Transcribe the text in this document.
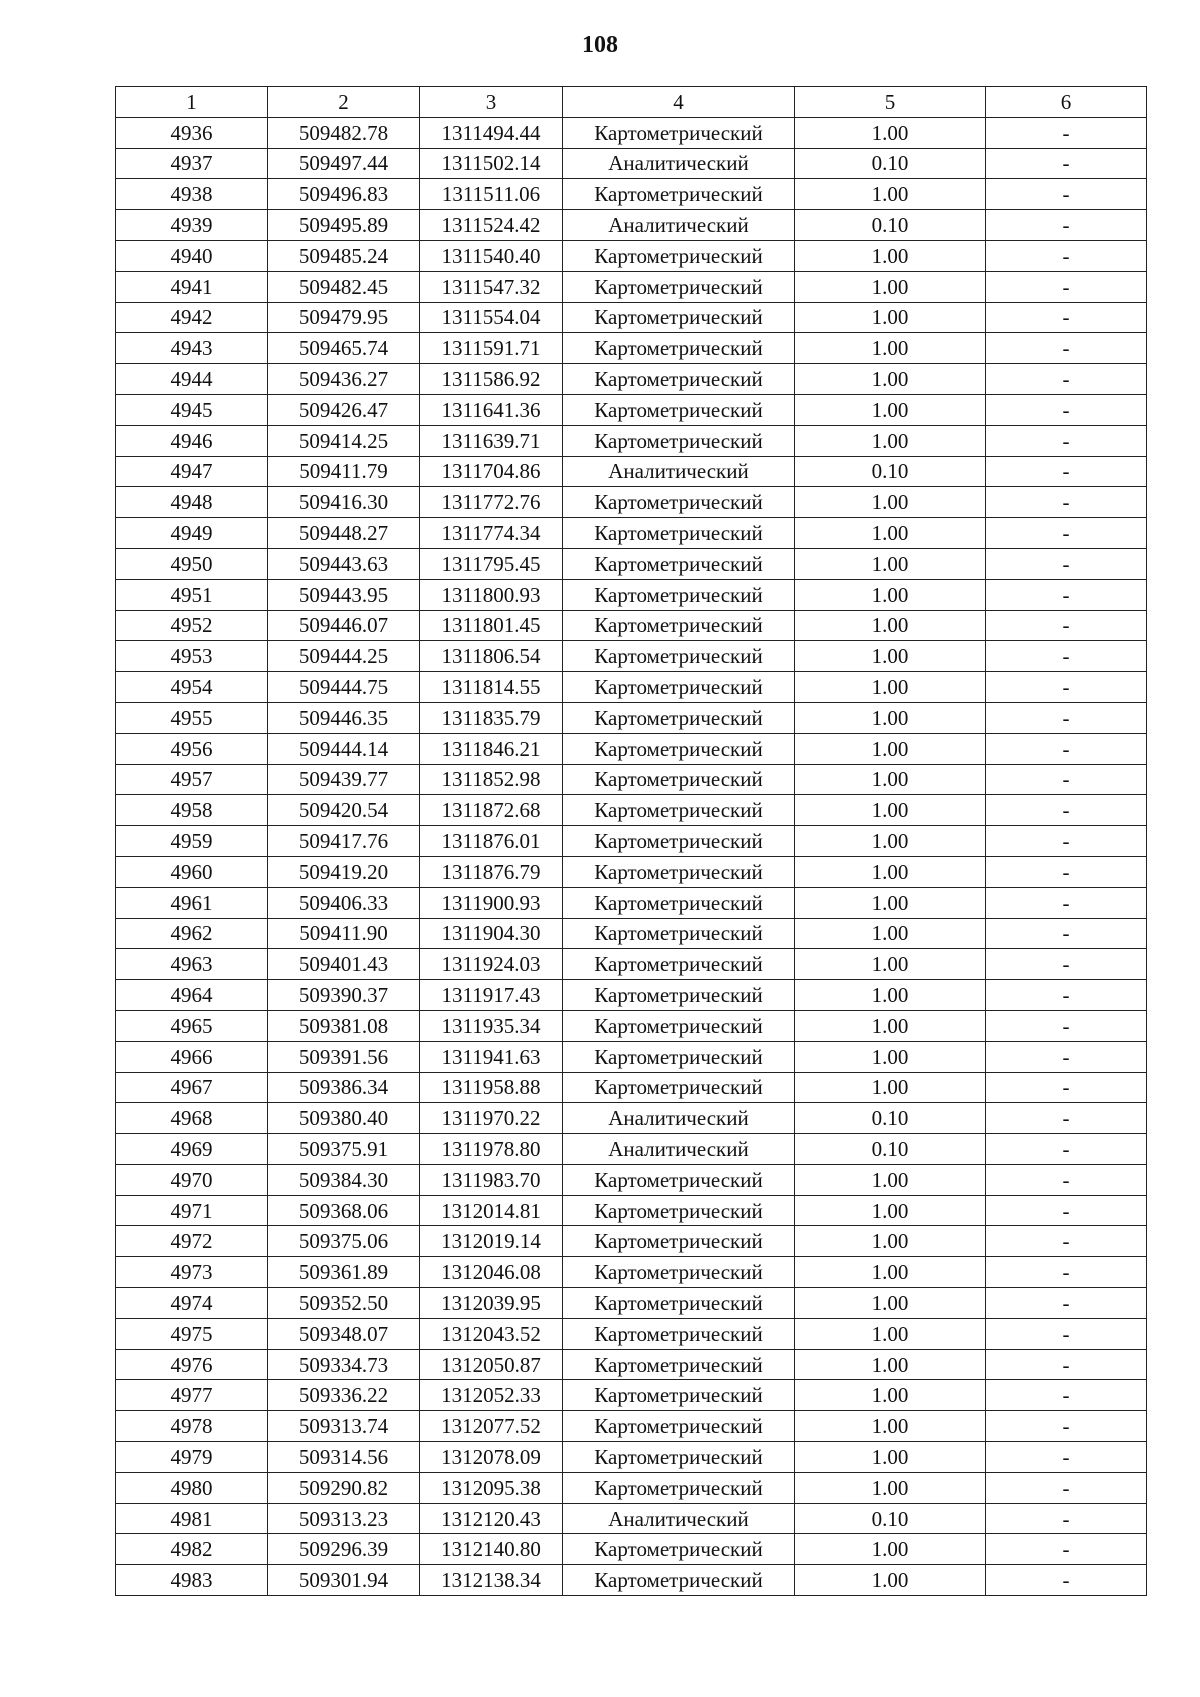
108
1	2	3	4	5	6
4936	509482.78	1311494.44	Картометрический	1.00	-
4937	509497.44	1311502.14	Аналитический	0.10	-
4938	509496.83	1311511.06	Картометрический	1.00	-
4939	509495.89	1311524.42	Аналитический	0.10	-
4940	509485.24	1311540.40	Картометрический	1.00	-
4941	509482.45	1311547.32	Картометрический	1.00	-
4942	509479.95	1311554.04	Картометрический	1.00	-
4943	509465.74	1311591.71	Картометрический	1.00	-
4944	509436.27	1311586.92	Картометрический	1.00	-
4945	509426.47	1311641.36	Картометрический	1.00	-
4946	509414.25	1311639.71	Картометрический	1.00	-
4947	509411.79	1311704.86	Аналитический	0.10	-
4948	509416.30	1311772.76	Картометрический	1.00	-
4949	509448.27	1311774.34	Картометрический	1.00	-
4950	509443.63	1311795.45	Картометрический	1.00	-
4951	509443.95	1311800.93	Картометрический	1.00	-
4952	509446.07	1311801.45	Картометрический	1.00	-
4953	509444.25	1311806.54	Картометрический	1.00	-
4954	509444.75	1311814.55	Картометрический	1.00	-
4955	509446.35	1311835.79	Картометрический	1.00	-
4956	509444.14	1311846.21	Картометрический	1.00	-
4957	509439.77	1311852.98	Картометрический	1.00	-
4958	509420.54	1311872.68	Картометрический	1.00	-
4959	509417.76	1311876.01	Картометрический	1.00	-
4960	509419.20	1311876.79	Картометрический	1.00	-
4961	509406.33	1311900.93	Картометрический	1.00	-
4962	509411.90	1311904.30	Картометрический	1.00	-
4963	509401.43	1311924.03	Картометрический	1.00	-
4964	509390.37	1311917.43	Картометрический	1.00	-
4965	509381.08	1311935.34	Картометрический	1.00	-
4966	509391.56	1311941.63	Картометрический	1.00	-
4967	509386.34	1311958.88	Картометрический	1.00	-
4968	509380.40	1311970.22	Аналитический	0.10	-
4969	509375.91	1311978.80	Аналитический	0.10	-
4970	509384.30	1311983.70	Картометрический	1.00	-
4971	509368.06	1312014.81	Картометрический	1.00	-
4972	509375.06	1312019.14	Картометрический	1.00	-
4973	509361.89	1312046.08	Картометрический	1.00	-
4974	509352.50	1312039.95	Картометрический	1.00	-
4975	509348.07	1312043.52	Картометрический	1.00	-
4976	509334.73	1312050.87	Картометрический	1.00	-
4977	509336.22	1312052.33	Картометрический	1.00	-
4978	509313.74	1312077.52	Картометрический	1.00	-
4979	509314.56	1312078.09	Картометрический	1.00	-
4980	509290.82	1312095.38	Картометрический	1.00	-
4981	509313.23	1312120.43	Аналитический	0.10	-
4982	509296.39	1312140.80	Картометрический	1.00	-
4983	509301.94	1312138.34	Картометрический	1.00	-
